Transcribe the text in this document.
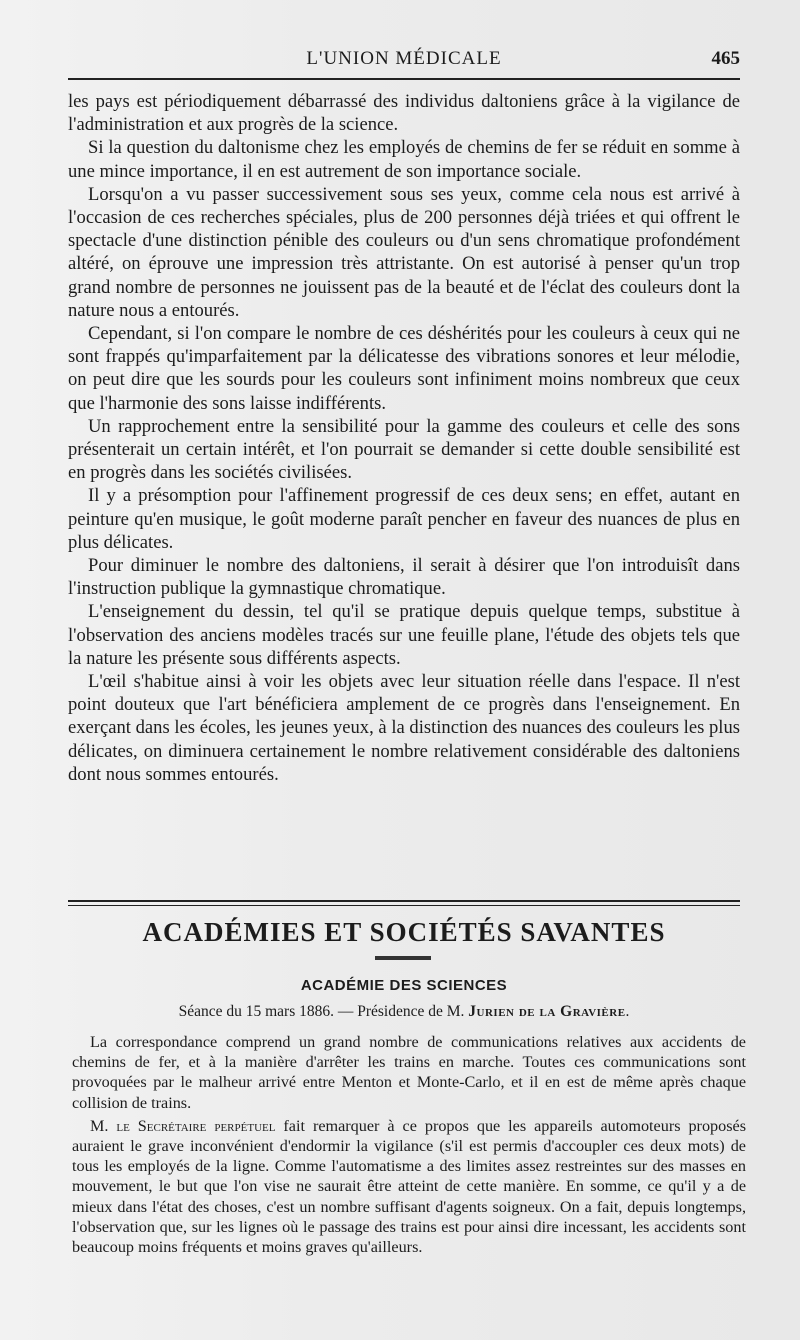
L'UNION MÉDICALE	465

les pays est périodiquement débarrassé des individus daltoniens grâce à la vigilance de l'administration et aux progrès de la science.

Si la question du daltonisme chez les employés de chemins de fer se réduit en somme à une mince importance, il en est autrement de son importance sociale.

Lorsqu'on a vu passer successivement sous ses yeux, comme cela nous est arrivé à l'occasion de ces recherches spéciales, plus de 200 personnes déjà triées et qui offrent le spectacle d'une distinction pénible des couleurs ou d'un sens chromatique profondément altéré, on éprouve une impression très attristante. On est autorisé à penser qu'un trop grand nombre de personnes ne jouissent pas de la beauté et de l'éclat des couleurs dont la nature nous a entourés.

Cependant, si l'on compare le nombre de ces déshérités pour les couleurs à ceux qui ne sont frappés qu'imparfaitement par la délicatesse des vibrations sonores et leur mélodie, on peut dire que les sourds pour les couleurs sont infiniment moins nombreux que ceux que l'harmonie des sons laisse indifférents.

Un rapprochement entre la sensibilité pour la gamme des couleurs et celle des sons présenterait un certain intérêt, et l'on pourrait se demander si cette double sensibilité est en progrès dans les sociétés civilisées.

Il y a présomption pour l'affinement progressif de ces deux sens; en effet, autant en peinture qu'en musique, le goût moderne paraît pencher en faveur des nuances de plus en plus délicates.

Pour diminuer le nombre des daltoniens, il serait à désirer que l'on introduisît dans l'instruction publique la gymnastique chromatique.

L'enseignement du dessin, tel qu'il se pratique depuis quelque temps, substitue à l'observation des anciens modèles tracés sur une feuille plane, l'étude des objets tels que la nature les présente sous différents aspects.

L'œil s'habitue ainsi à voir les objets avec leur situation réelle dans l'espace. Il n'est point douteux que l'art bénéficiera amplement de ce progrès dans l'enseignement. En exerçant dans les écoles, les jeunes yeux, à la distinction des nuances des couleurs les plus délicates, on diminuera certainement le nombre relativement considérable des daltoniens dont nous sommes entourés.

ACADÉMIES ET SOCIÉTÉS SAVANTES
ACADÉMIE DES SCIENCES
Séance du 15 mars 1886. — Présidence de M. Jurien de la Gravière.

La correspondance comprend un grand nombre de communications relatives aux accidents de chemins de fer, et à la manière d'arrêter les trains en marche. Toutes ces communications sont provoquées par le malheur arrivé entre Menton et Monte-Carlo, et il en est de même après chaque collision de trains.

M. le Secrétaire perpétuel fait remarquer à ce propos que les appareils automoteurs proposés auraient le grave inconvénient d'endormir la vigilance (s'il est permis d'accoupler ces deux mots) de tous les employés de la ligne. Comme l'automatisme a des limites assez restreintes sur des masses en mouvement, le but que l'on vise ne saurait être atteint de cette manière. En somme, ce qu'il y a de mieux dans l'état des choses, c'est un nombre suffisant d'agents soigneux. On a fait, depuis longtemps, l'observation que, sur les lignes où le passage des trains est pour ainsi dire incessant, les accidents sont beaucoup moins fréquents et moins graves qu'ailleurs.
